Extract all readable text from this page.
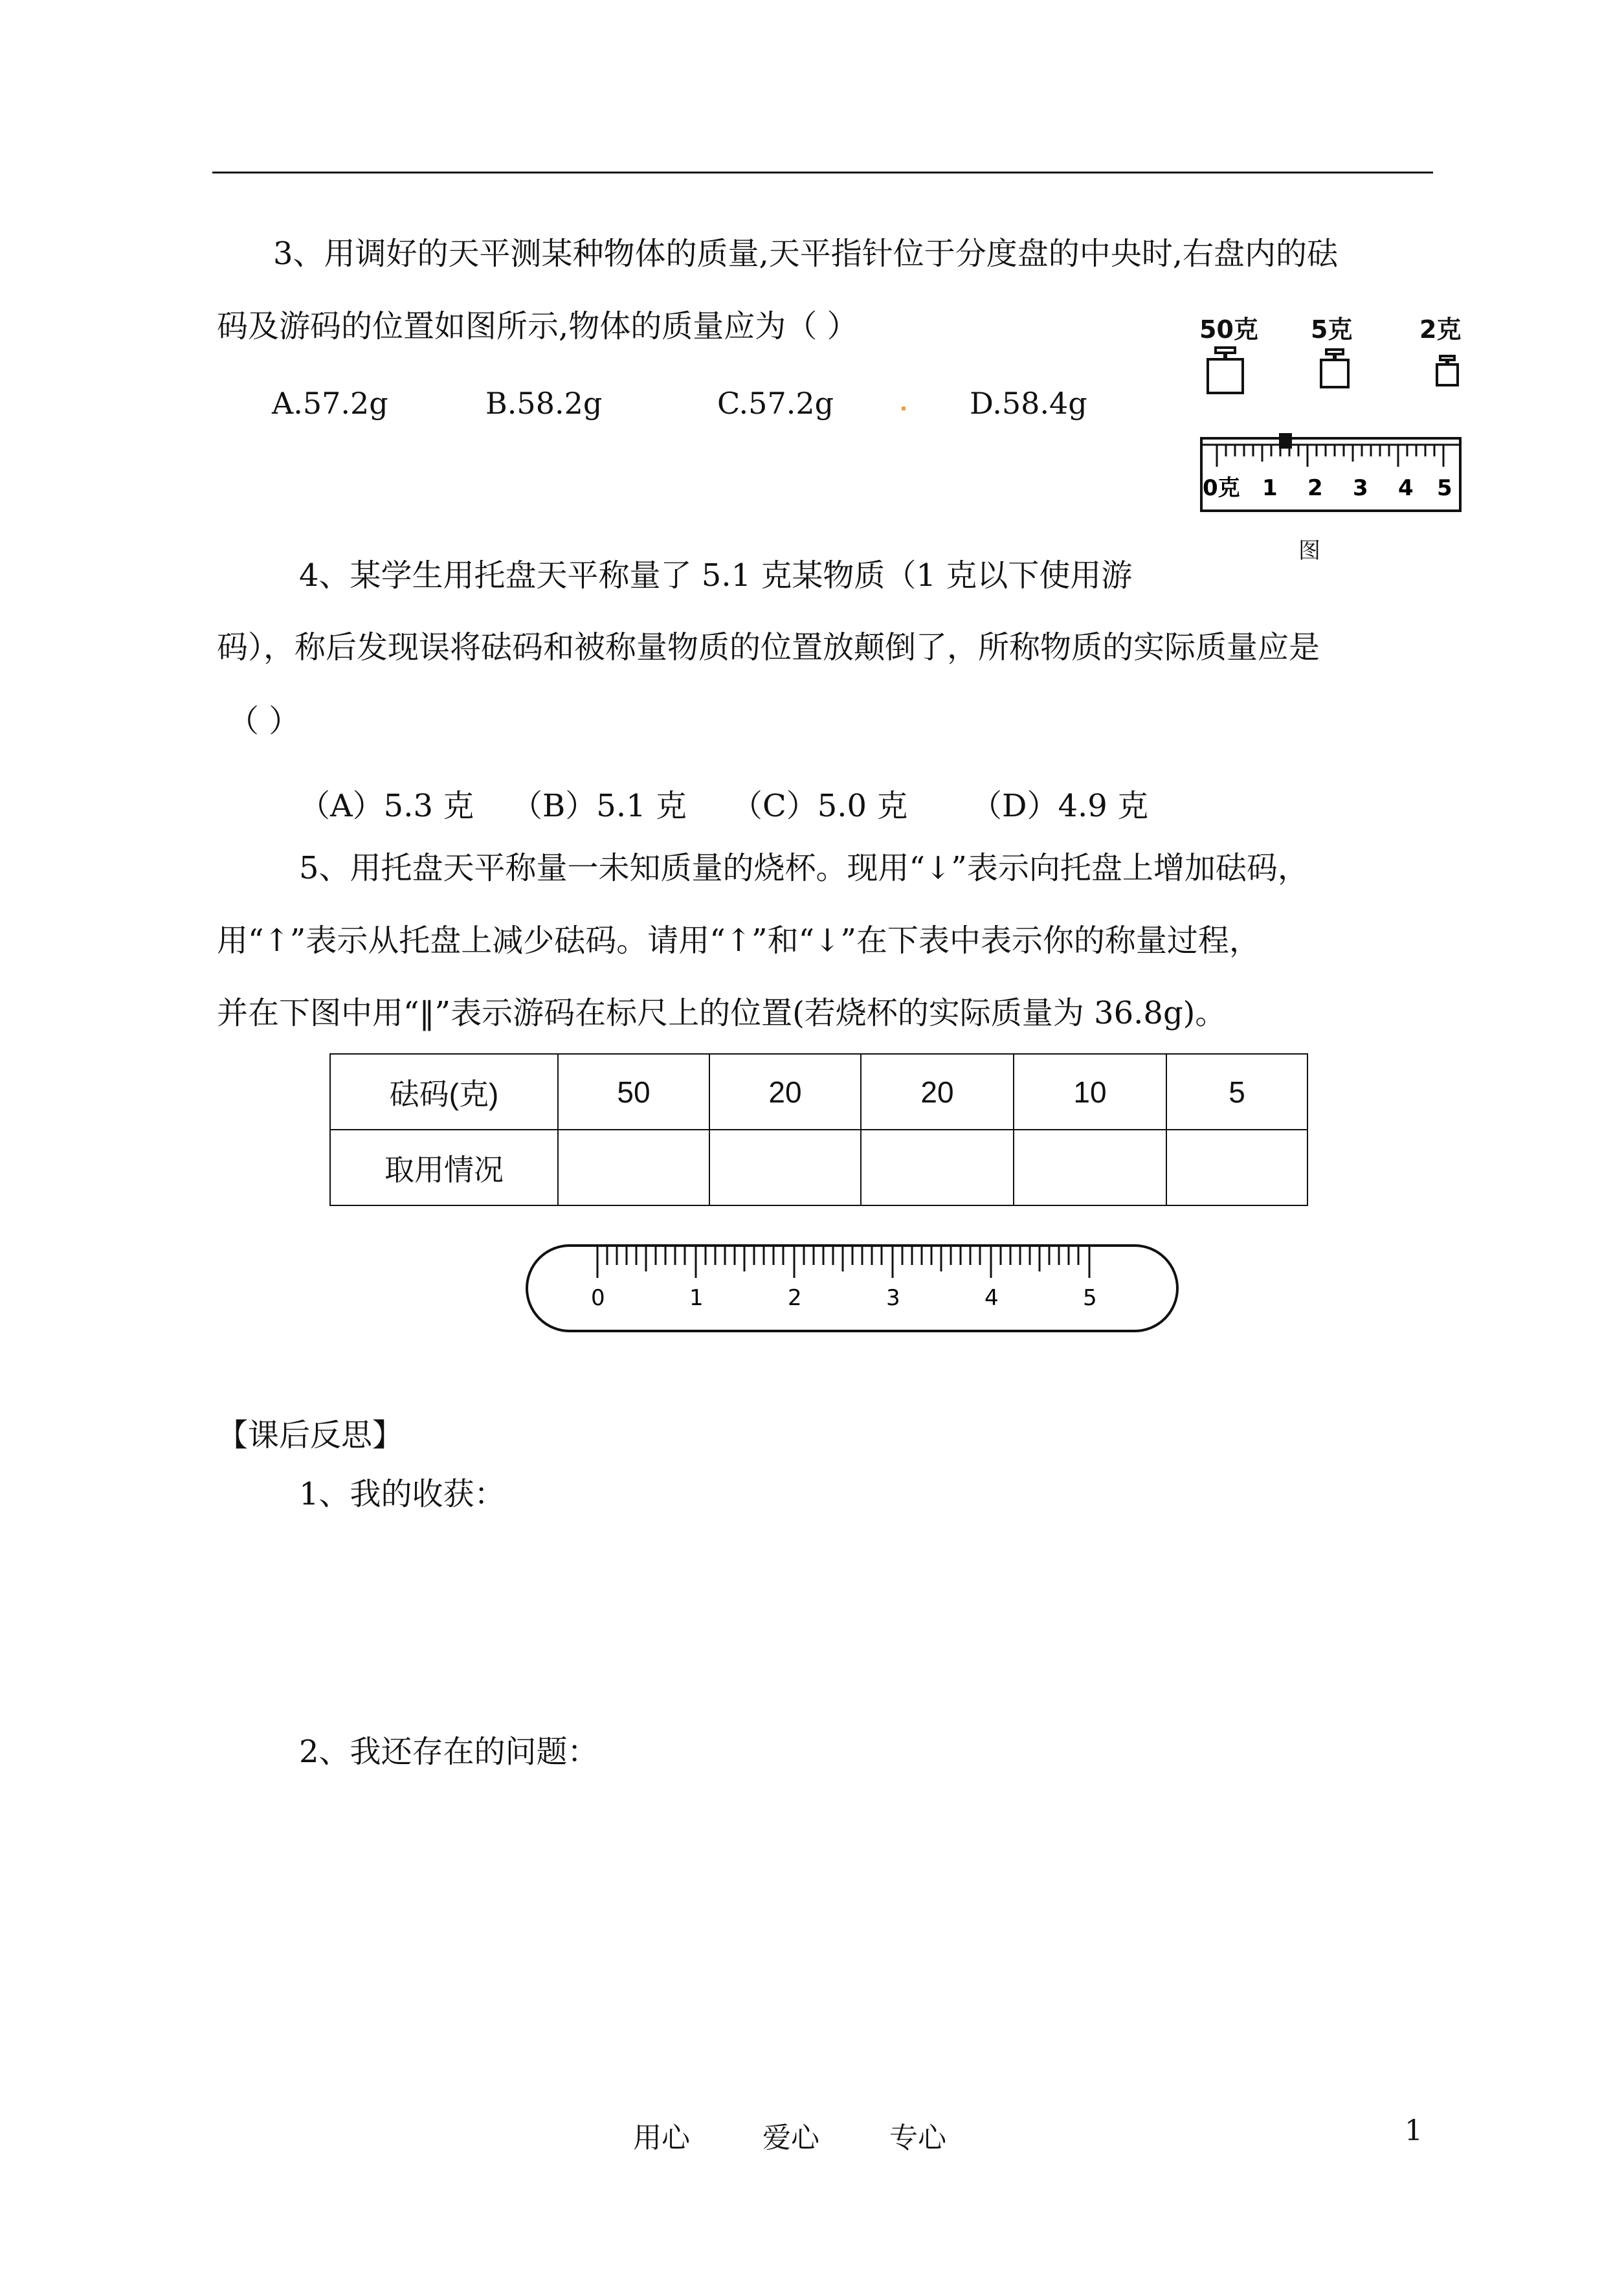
3、用调好的天平测某种物体的质量,天平指针位于分度盘的中央时,右盘内的砝
码及游码的位置如图所示,物体的质量应为（ ）
A.57.2g	B.58.2g	C.57.2g	D.58.4g
50克 5克	2克
0克 1 2 3 4 5
图
4、某学生用托盘天平称量了 5.1 克某物质（1 克以下使用游
码），称后发现误将砝码和被称量物质的位置放颠倒了，所称物质的实际质量应是
（ ）
（A）5.3 克 （B）5.1 克 （C）5.0 克 （D）4.9 克
5、用托盘天平称量一未知质量的烧杯。现用“↓”表示向托盘上增加砝码，
用“↑”表示从托盘上减少砝码。请用“↑”和“↓”在下表中表示你的称量过程，
并在下图中用“‖”表示游码在标尺上的位置(若烧杯的实际质量为 36.8g)。
砝码(克)	50	20	20	10	5
取用情况					
0	1	2	3	4	5
【课后反思】
1、我的收获：
2、我还存在的问题：
用心	爱心 专心	1
